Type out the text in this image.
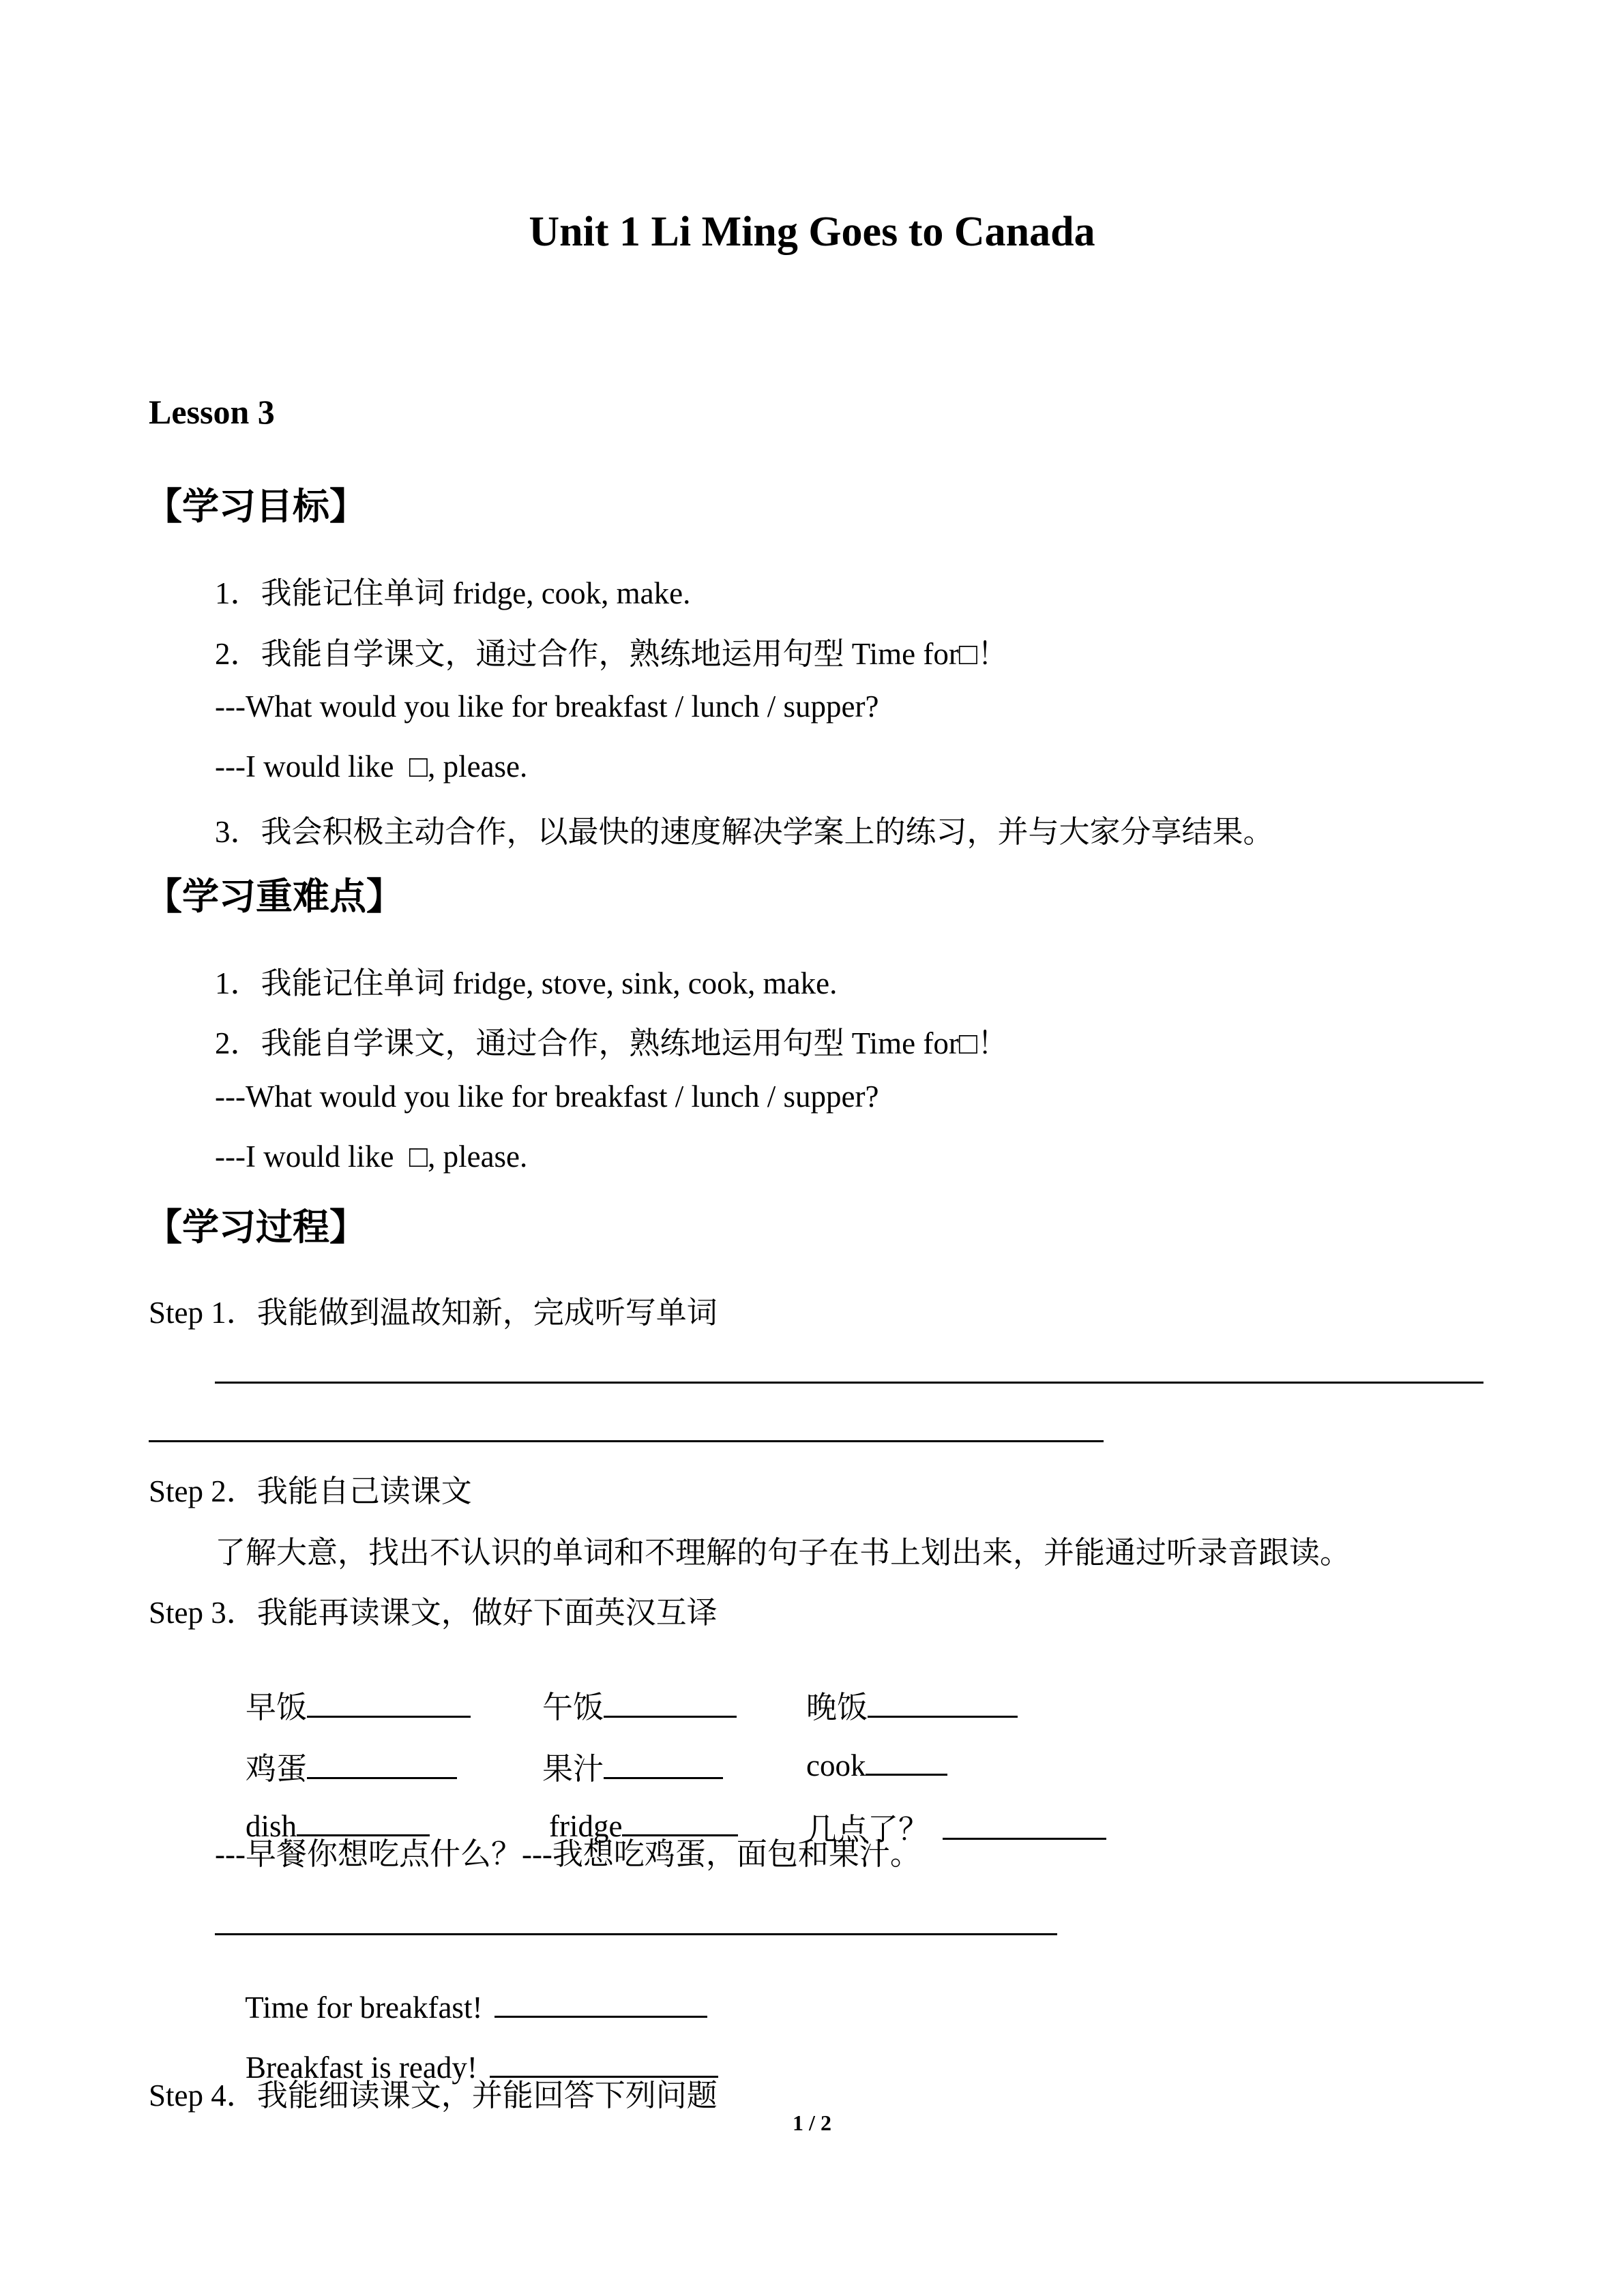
Unit 1 Li Ming Goes to Canada
Lesson 3
【学习目标】
1．我能记住单词 fridge, cook, make.
2．我能自学课文，通过合作，熟练地运用句型 Time for□！
---What would you like for breakfast / lunch / supper?
---I would like  □, please.
3．我会积极主动合作，以最快的速度解决学案上的练习，并与大家分享结果。
【学习重难点】
1．我能记住单词 fridge, stove, sink, cook, make.
2．我能自学课文，通过合作，熟练地运用句型 Time for□！
---What would you like for breakfast / lunch / supper?
---I would like  □, please.
【学习过程】
Step 1．我能做到温故知新，完成听写单词
Step 2．我能自己读课文
了解大意，找出不认识的单词和不理解的句子在书上划出来，并能通过听录音跟读。
Step 3．我能再读课文，做好下面英汉互译

早饭
	午饭
	晚饭

鸡蛋
	果汁
	cook

dish
	fridge
	几点了？

---早餐你想吃点什么？---我想吃鸡蛋，面包和果汁。

Time for breakfast!

Breakfast is ready!

Step 4．我能细读课文，并能回答下列问题
1 / 2
